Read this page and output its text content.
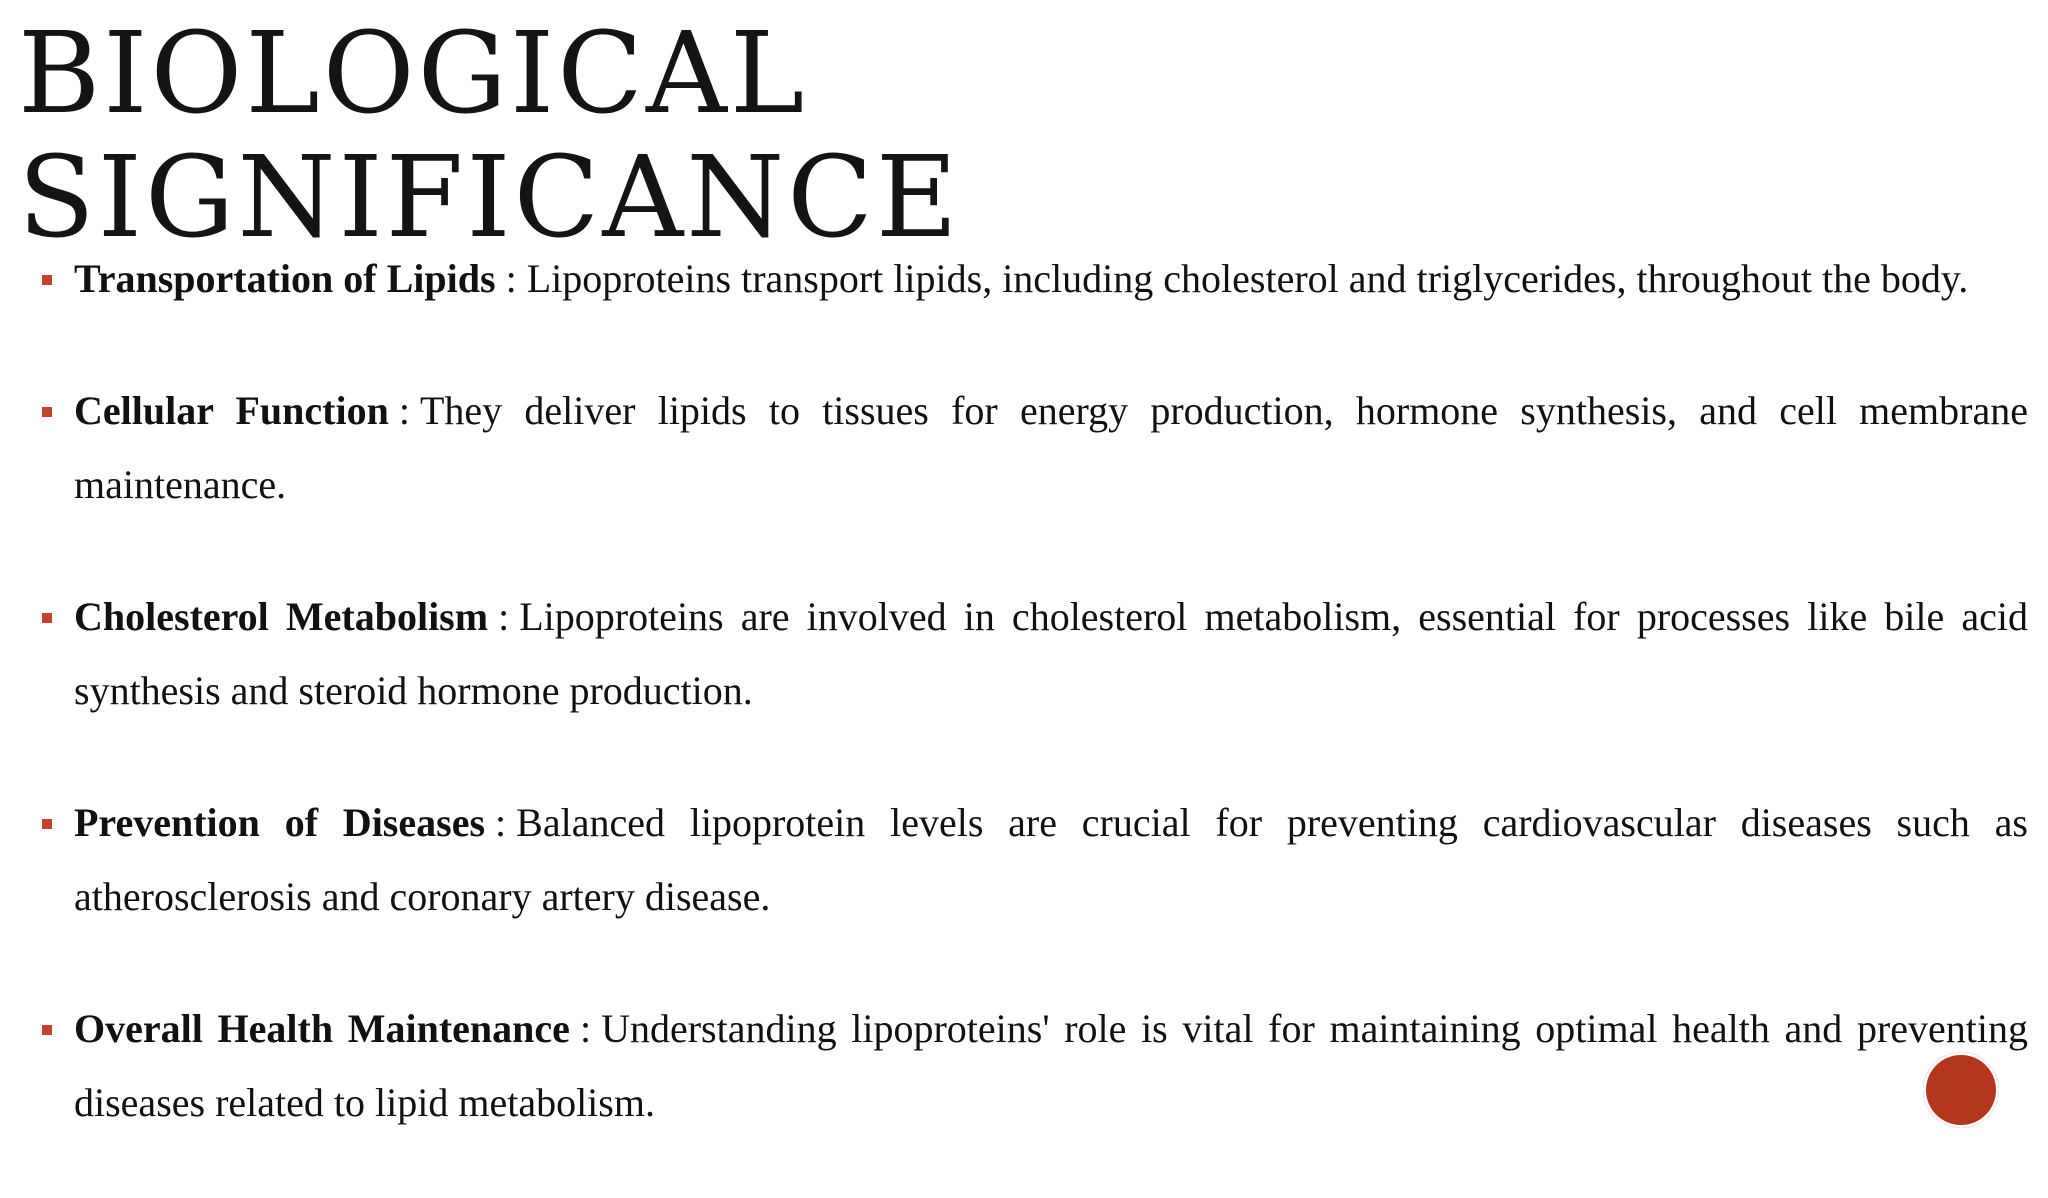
BIOLOGICAL
SIGNIFICANCE
Transportation of Lipids : Lipoproteins transport lipids, including cholesterol and triglycerides, throughout the body.
Cellular Function : They deliver lipids to tissues for energy production, hormone synthesis, and cell membrane maintenance.
Cholesterol Metabolism : Lipoproteins are involved in cholesterol metabolism, essential for processes like bile acid synthesis and steroid hormone production.
Prevention of Diseases : Balanced lipoprotein levels are crucial for preventing cardiovascular diseases such as atherosclerosis and coronary artery disease.
Overall Health Maintenance : Understanding lipoproteins' role is vital for maintaining optimal health and preventing diseases related to lipid metabolism.
